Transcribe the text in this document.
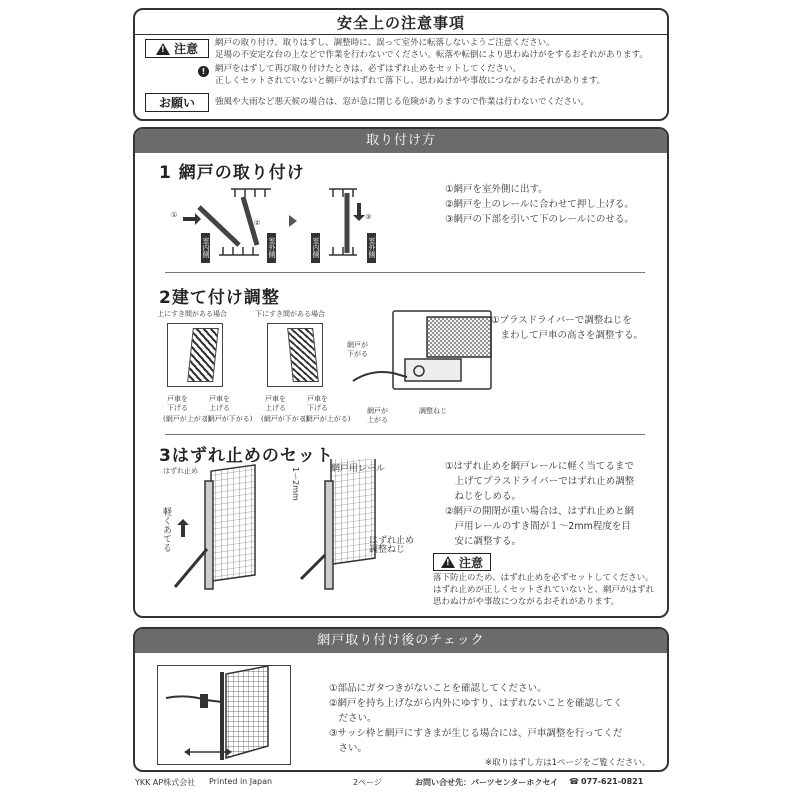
安全上の注意事項
!
注意 網戸の取り付け、取りはずし、調整時に、誤って室外に転落しないようご注意ください。
足場の不安定な台の上などで作業を行わないでください。転落や転倒により思わぬけがをするおそれがあります。
!	網戸をはずして再び取り付けたときは、必ずはずれ止めをセットしてください。
正しくセットされていないと網戸がはずれて落下し、思わぬけがや事故につながるおそれがあります。
お願い	強風や大雨など悪天候の場合は、窓が急に閉じる危険がありますので作業は行わないでください。
取り付け方
1 網戸の取り付け
①
②
③
室内側	室外側	室内側	室外側
①網戸を室外側に出す。
②網戸を上のレールに合わせて押し上げる。
③網戸の下部を引いて下のレールにのせる。
2建て付け調整
上にすき間がある場合	下にすき間がある場合
戸車を
下げる
(網戸が上がる)
戸車を
上げる
(網戸が下がる)
戸車を
上げる
(網戸が下がる)
戸車を
下げる
(網戸が上がる)
網戸が
下がる
網戸が
上がる
調整ねじ
①プラスドライバーで調整ねじを
　まわして戸車の高さを調整する。
3はずれ止めのセット
はずれ止め
軽くあてる
1〜2mm	網戸用レール
はずれ止め
調整ねじ
①はずれ止めを網戸レールに軽く当てるまで
　上げてプラスドライバーではずれ止め調整
　ねじをしめる。
②網戸の開閉が重い場合は、はずれ止めと網
　戸用レールのすき間が１〜2mm程度を目
　安に調整する。
!
注意
落下防止のため、はずれ止めを必ずセットしてください。
はずれ止めが正しくセットされていないと、網戸がはずれ
思わぬけがや事故につながるおそれがあります。
網戸取り付け後のチェック
①部品にガタつきがないことを確認してください。
②網戸を持ち上げながら内外にゆすり、はずれないことを確認してく
　ださい。
③サッシ枠と網戸にすきまが生じる場合には、戸車調整を行ってくだ
　さい。
※取りはずし方は1ページをご覧ください。
YKK AP株式会社 Printed in Japan	2ページ	お問い合せ先：パーツセンターホクセイ ☎ 077-621-0821
